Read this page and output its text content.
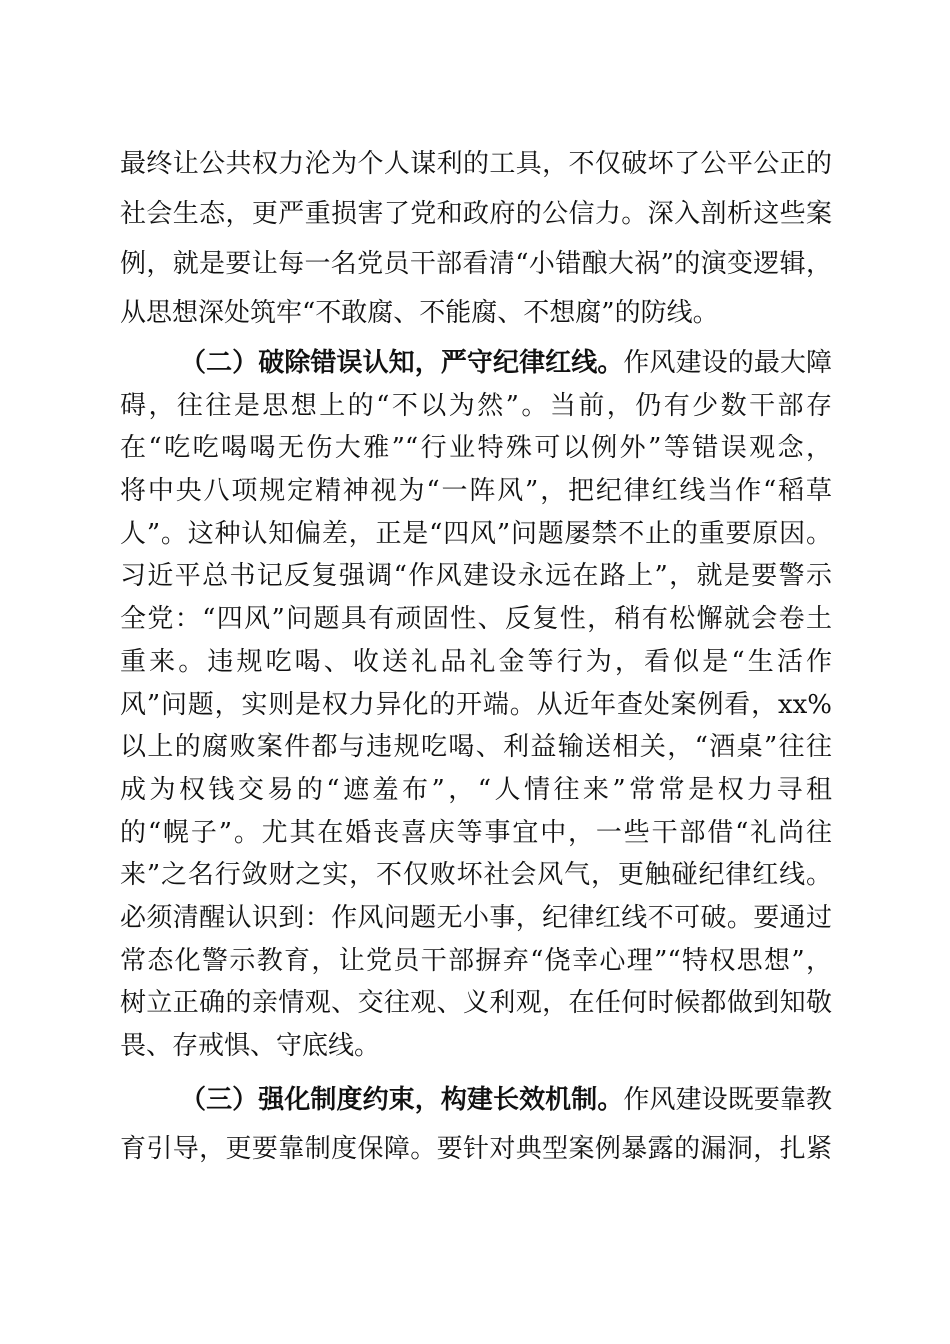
最终让公共权力沦为个人谋利的工具，不仅破坏了公平公正的
社会生态，更严重损害了党和政府的公信力。深入剖析这些案
例，就是要让每一名党员干部看清“小错酿大祸”的演变逻辑，
从思想深处筑牢“不敢腐、不能腐、不想腐”的防线。
（二）破除错误认知，严守纪律红线。作风建设的最大障
碍，往往是思想上的“不以为然”。当前，仍有少数干部存
在“吃吃喝喝无伤大雅”“行业特殊可以例外”等错误观念，
将中央八项规定精神视为“一阵风”，把纪律红线当作“稻草
人”。这种认知偏差，正是“四风”问题屡禁不止的重要原因。
习近平总书记反复强调“作风建设永远在路上”，就是要警示
全党：“四风”问题具有顽固性、反复性，稍有松懈就会卷土
重来。违规吃喝、收送礼品礼金等行为，看似是“生活作
风”问题，实则是权力异化的开端。从近年查处案例看，xx%
以上的腐败案件都与违规吃喝、利益输送相关，“酒桌”往往
成为权钱交易的“遮羞布”，“人情往来”常常是权力寻租
的“幌子”。尤其在婚丧喜庆等事宜中，一些干部借“礼尚往
来”之名行敛财之实，不仅败坏社会风气，更触碰纪律红线。
必须清醒认识到：作风问题无小事，纪律红线不可破。要通过
常态化警示教育，让党员干部摒弃“侥幸心理”“特权思想”，
树立正确的亲情观、交往观、义利观，在任何时候都做到知敬
畏、存戒惧、守底线。
（三）强化制度约束，构建长效机制。作风建设既要靠教
育引导，更要靠制度保障。要针对典型案例暴露的漏洞，扎紧
